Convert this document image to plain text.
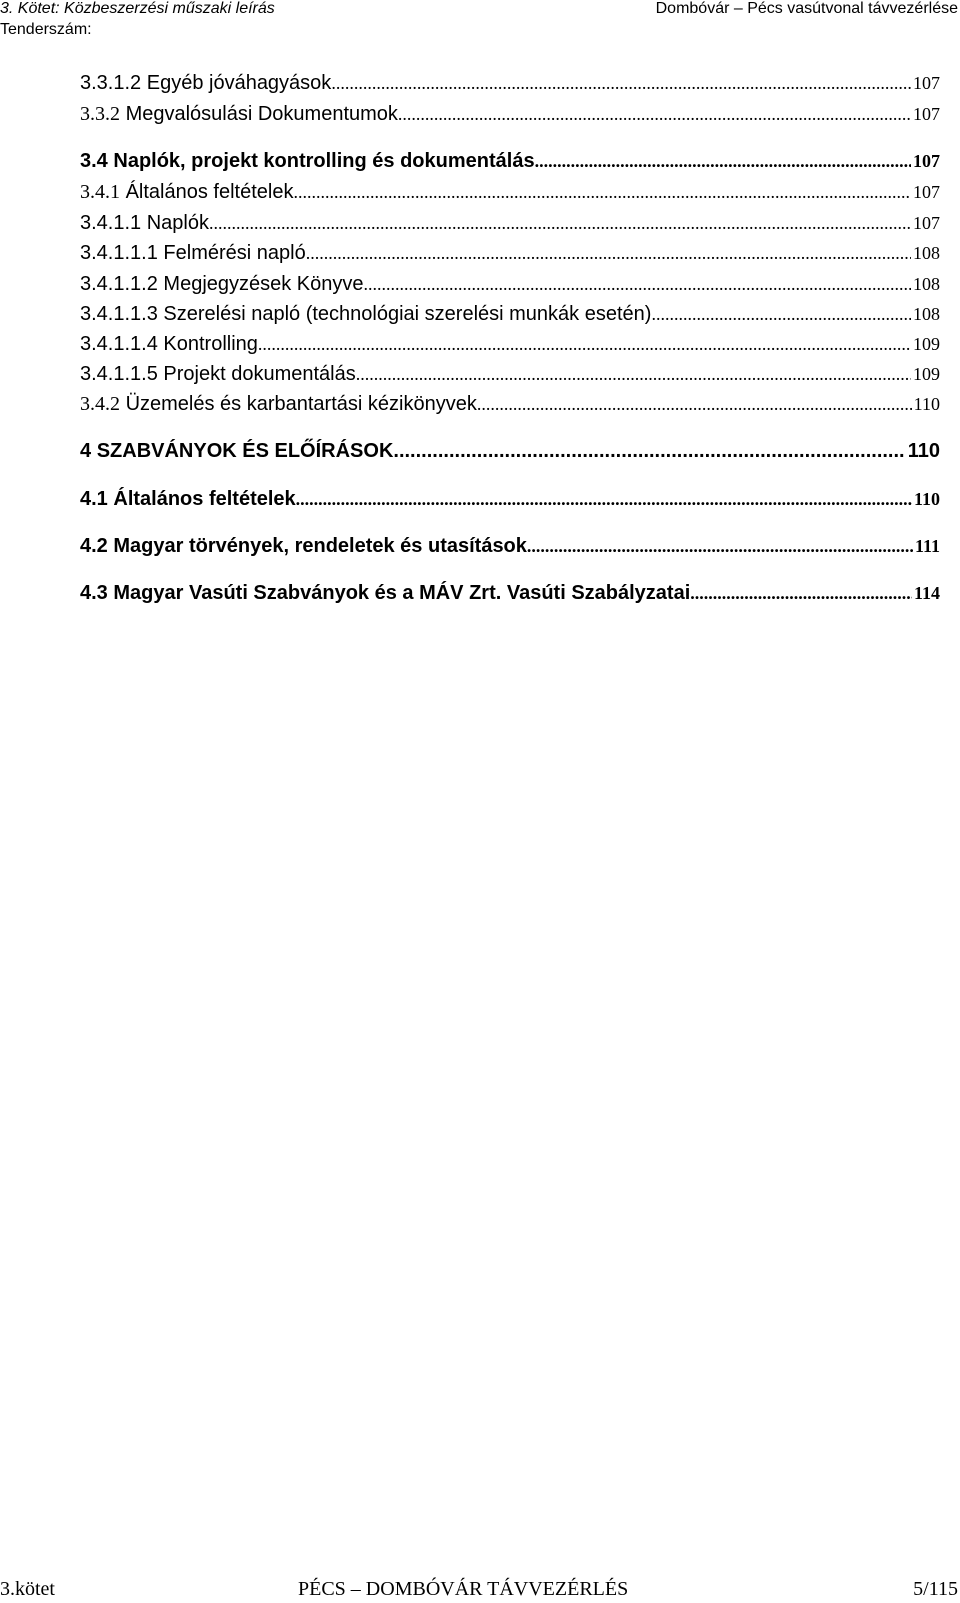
3. Kötet: Közbeszerzési műszaki leírás	Dombóvár – Pécs vasútvonal távvezérlése
Tenderszám:
3.3.1.2 Egyéb jóváhagyások .....	107
3.3.2 Megvalósulási Dokumentumok .....	107
3.4 Naplók, projekt kontrolling és dokumentálás .....	107
3.4.1 Általános feltételek .....	107
3.4.1.1 Naplók .....	107
3.4.1.1.1 Felmérési napló .....	108
3.4.1.1.2 Megjegyzések Könyve .....	108
3.4.1.1.3 Szerelési napló (technológiai szerelési munkák esetén) .....	108
3.4.1.1.4 Kontrolling .....	109
3.4.1.1.5 Projekt dokumentálás .....	109
3.4.2 Üzemelés és karbantartási kézikönyvek .....	110
4 SZABVÁNYOK ÉS ELŐÍRÁSOK .....	110
4.1 Általános feltételek .....	110
4.2 Magyar törvények, rendeletek és utasítások .....	111
4.3 Magyar Vasúti Szabványok és a MÁV Zrt. Vasúti Szabályzatai .....	114
3.kötet	PÉCS – DOMBÓVÁR TÁVVEZÉRLÉS	5/115
